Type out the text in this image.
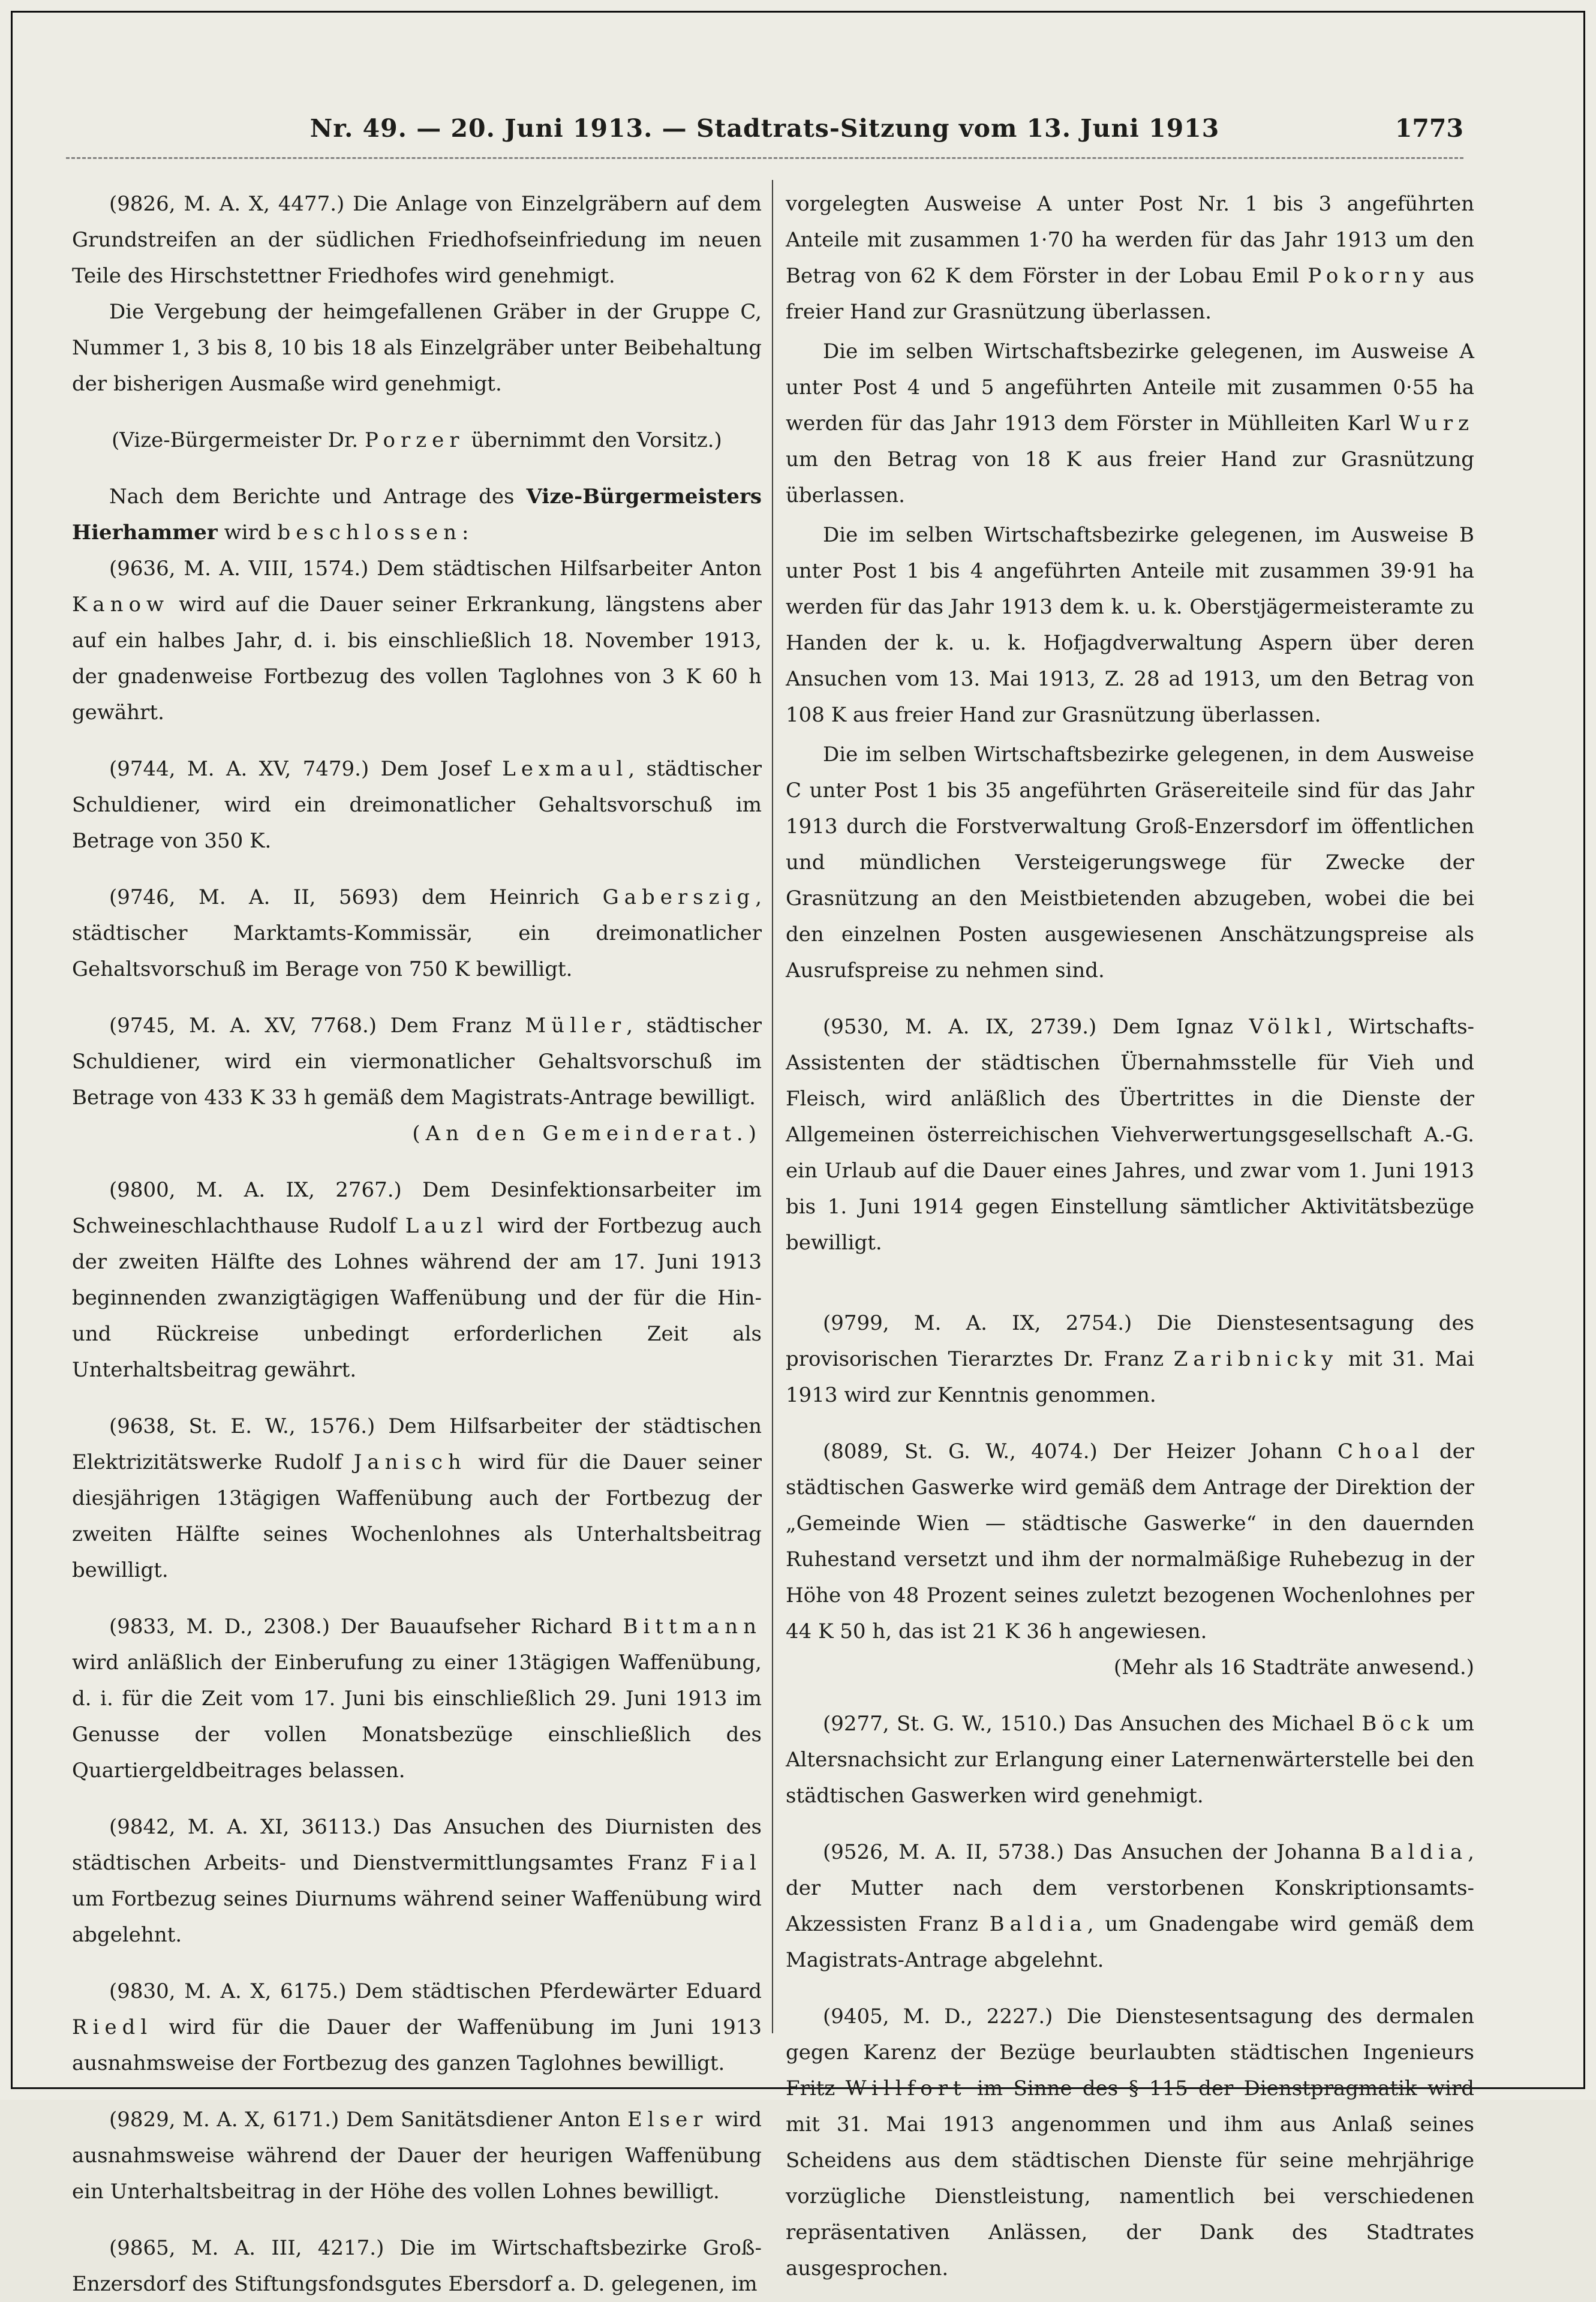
Nr. 49. — 20. Juni 1913. — Stadtrats-Sitzung vom 13. Juni 1913	1773

(9826, M. A. X, 4477.) Die Anlage von Einzelgräbern auf dem Grundstreifen an der südlichen Friedhofseinfriedung im neuen Teile des Hirschstettner Friedhofes wird genehmigt.

Die Vergebung der heimgefallenen Gräber in der Gruppe C, Nummer 1, 3 bis 8, 10 bis 18 als Einzelgräber unter Beibehaltung der bisherigen Ausmaße wird genehmigt.

(Vize-Bürgermeister Dr. Porzer übernimmt den Vorsitz.)

Nach dem Berichte und Antrage des Vize-Bürgermeisters Hierhammer wird beschlossen:

(9636, M. A. VIII, 1574.) Dem städtischen Hilfsarbeiter Anton Kanow wird auf die Dauer seiner Erkrankung, längstens aber auf ein halbes Jahr, d. i. bis einschließlich 18. November 1913, der gnadenweise Fortbezug des vollen Taglohnes von 3 K 60 h gewährt.

(9744, M. A. XV, 7479.) Dem Josef Lexmaul, städtischer Schuldiener, wird ein dreimonatlicher Gehaltsvorschuß im Betrage von 350 K.

(9746, M. A. II, 5693) dem Heinrich Gaberszig, städtischer Marktamts-Kommissär, ein dreimonatlicher Gehaltsvorschuß im Berage von 750 K bewilligt.

(9745, M. A. XV, 7768.) Dem Franz Müller, städtischer Schuldiener, wird ein viermonatlicher Gehaltsvorschuß im Betrage von 433 K 33 h gemäß dem Magistrats-Antrage bewilligt.

(An den Gemeinderat.)

(9800, M. A. IX, 2767.) Dem Desinfektionsarbeiter im Schweineschlachthause Rudolf Lauzl wird der Fortbezug auch der zweiten Hälfte des Lohnes während der am 17. Juni 1913 beginnenden zwanzigtägigen Waffenübung und der für die Hin- und Rückreise unbedingt erforderlichen Zeit als Unterhaltsbeitrag gewährt.

(9638, St. E. W., 1576.) Dem Hilfsarbeiter der städtischen Elektrizitätswerke Rudolf Janisch wird für die Dauer seiner diesjährigen 13tägigen Waffenübung auch der Fortbezug der zweiten Hälfte seines Wochenlohnes als Unterhaltsbeitrag bewilligt.

(9833, M. D., 2308.) Der Bauaufseher Richard Bittmann wird anläßlich der Einberufung zu einer 13tägigen Waffenübung, d. i. für die Zeit vom 17. Juni bis einschließlich 29. Juni 1913 im Genusse der vollen Monatsbezüge einschließlich des Quartiergeldbeitrages belassen.

(9842, M. A. XI, 36113.) Das Ansuchen des Diurnisten des städtischen Arbeits- und Dienstvermittlungsamtes Franz Fial um Fortbezug seines Diurnums während seiner Waffenübung wird abgelehnt.

(9830, M. A. X, 6175.) Dem städtischen Pferdewärter Eduard Riedl wird für die Dauer der Waffenübung im Juni 1913 ausnahmsweise der Fortbezug des ganzen Taglohnes bewilligt.

(9829, M. A. X, 6171.) Dem Sanitätsdiener Anton Elser wird ausnahmsweise während der Dauer der heurigen Waffenübung ein Unterhaltsbeitrag in der Höhe des vollen Lohnes bewilligt.

(9865, M. A. III, 4217.) Die im Wirtschaftsbezirke Groß-Enzersdorf des Stiftungsfondsgutes Ebersdorf a. D. gelegenen, im

vorgelegten Ausweise A unter Post Nr. 1 bis 3 angeführten Anteile mit zusammen 1·70 ha werden für das Jahr 1913 um den Betrag von 62 K dem Förster in der Lobau Emil Pokorny aus freier Hand zur Grasnützung überlassen.

Die im selben Wirtschaftsbezirke gelegenen, im Ausweise A unter Post 4 und 5 angeführten Anteile mit zusammen 0·55 ha werden für das Jahr 1913 dem Förster in Mühlleiten Karl Wurz um den Betrag von 18 K aus freier Hand zur Grasnützung überlassen.

Die im selben Wirtschaftsbezirke gelegenen, im Ausweise B unter Post 1 bis 4 angeführten Anteile mit zusammen 39·91 ha werden für das Jahr 1913 dem k. u. k. Oberstjägermeisteramte zu Handen der k. u. k. Hofjagdverwaltung Aspern über deren Ansuchen vom 13. Mai 1913, Z. 28 ad 1913, um den Betrag von 108 K aus freier Hand zur Grasnützung überlassen.

Die im selben Wirtschaftsbezirke gelegenen, in dem Ausweise C unter Post 1 bis 35 angeführten Gräsereiteile sind für das Jahr 1913 durch die Forstverwaltung Groß-Enzersdorf im öffentlichen und mündlichen Versteigerungswege für Zwecke der Grasnützung an den Meistbietenden abzugeben, wobei die bei den einzelnen Posten ausgewiesenen Anschätzungspreise als Ausrufspreise zu nehmen sind.

(9530, M. A. IX, 2739.) Dem Ignaz Völkl, Wirtschafts-Assistenten der städtischen Übernahmsstelle für Vieh und Fleisch, wird anläßlich des Übertrittes in die Dienste der Allgemeinen österreichischen Viehverwertungsgesellschaft A.-G. ein Urlaub auf die Dauer eines Jahres, und zwar vom 1. Juni 1913 bis 1. Juni 1914 gegen Einstellung sämtlicher Aktivitätsbezüge bewilligt.

(9799, M. A. IX, 2754.) Die Dienstesentsagung des provisorischen Tierarztes Dr. Franz Zaribnicky mit 31. Mai 1913 wird zur Kenntnis genommen.

(8089, St. G. W., 4074.) Der Heizer Johann Choal der städtischen Gaswerke wird gemäß dem Antrage der Direktion der „Gemeinde Wien — städtische Gaswerke“ in den dauernden Ruhestand versetzt und ihm der normalmäßige Ruhebezug in der Höhe von 48 Prozent seines zuletzt bezogenen Wochenlohnes per 44 K 50 h, das ist 21 K 36 h angewiesen.

(Mehr als 16 Stadträte anwesend.)

(9277, St. G. W., 1510.) Das Ansuchen des Michael Böck um Altersnachsicht zur Erlangung einer Laternenwärterstelle bei den städtischen Gaswerken wird genehmigt.

(9526, M. A. II, 5738.) Das Ansuchen der Johanna Baldia, der Mutter nach dem verstorbenen Konskriptionsamts-Akzessisten Franz Baldia, um Gnadengabe wird gemäß dem Magistrats-Antrage abgelehnt.

(9405, M. D., 2227.) Die Dienstesentsagung des dermalen gegen Karenz der Bezüge beurlaubten städtischen Ingenieurs Fritz Willfort im Sinne des § 115 der Dienstpragmatik wird mit 31. Mai 1913 angenommen und ihm aus Anlaß seines Scheidens aus dem städtischen Dienste für seine mehrjährige vorzügliche Dienstleistung, namentlich bei verschiedenen repräsentativen Anlässen, der Dank des Stadtrates ausgesprochen.
